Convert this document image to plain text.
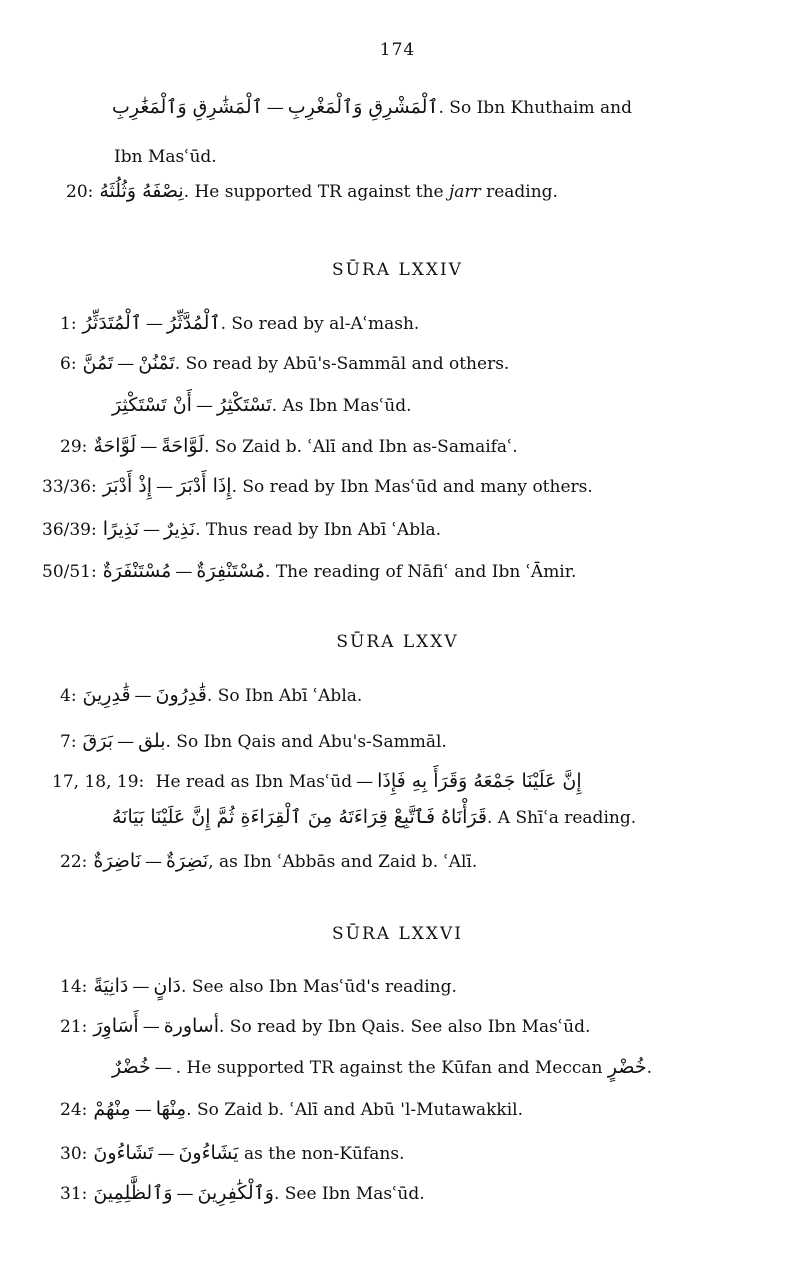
174
ٱلْمَشَٰرِقِ وَٱلْمَغَٰرِبِ — ٱلْمَشْرِقِ وَٱلْمَغْرِبِ. So Ibn Khuthaim and
Ibn Masʿūd.
20: نِصْفَهُ وَثُلُثَهُ. He supported TR against the jarr reading.
SŪRA LXXIV
1: ٱلْمُتَدَثِّرُ — ٱلْمُدَّثِّرُ. So read by al-Aʿmash.
6: تَمُنَّ — تَمْنُنْ. So read by Abū's-Sammāl and others.
أَنْ تَسْتَكْثِرَ — تَسْتَكْثِرُ. As Ibn Masʿūd.
29: لَوَّاحَةٌ — لَوَّاحَةً. So Zaid b. ʿAlī and Ibn as-Samaifaʿ.
33/36: إِذْ أَدْبَرَ — إِذَا أَدْبَرَ. So read by Ibn Masʿūd and many others.
36/39: نَذِيرًا — نَذِيرٌ. Thus read by Ibn Abī ʿAbla.
50/51: مُسْتَنْفَرَةٌ — مُسْتَنْفِرَةٌ. The reading of Nāfiʿ and Ibn ʿĀmir.
SŪRA LXXV
4: قَٰدِرِينَ — قَٰدِرُونَ. So Ibn Abī ʿAbla.
7: بَرَقَ — بلق. So Ibn Qais and Abu's-Sammāl.
17, 18, 19: He read as Ibn Masʿūd — إِنَّ عَلَيْنَا جَمْعَهُ وَقَرَأَ بِهِ فَإِذَا
قَرَأْنَاهُ فَٱتَّبِعْ قِرَاءَتَهُ مِنَ ٱلْقِرَاءَةِ ثُمَّ إِنَّ عَلَيْنَا بَيَانَهُ. A Shīʿa reading.
22: نَاضِرَةٌ — نَضِرَةٌ, as Ibn ʿAbbās and Zaid b. ʿAlī.
SŪRA LXXVI
14: دَانِيَةً — دَانٍ. See also Ibn Masʿūd's reading.
21: أَسَاوِرَ — أساورة. So read by Ibn Qais. See also Ibn Masʿūd.
خُضْرٌ — . He supported TR against the Kūfan and Meccan خُضْرٍ.
24: مِنْهُمْ — مِنْهَا. So Zaid b. ʿAlī and Abū 'l-Mutawakkil.
30: تَشَاءُونَ — يَشَاءُونَ as the non-Kūfans.
31: وَٱلظَّٰلِمِينَ — وَٱلْكَٰفِرِينَ. See Ibn Masʿūd.
